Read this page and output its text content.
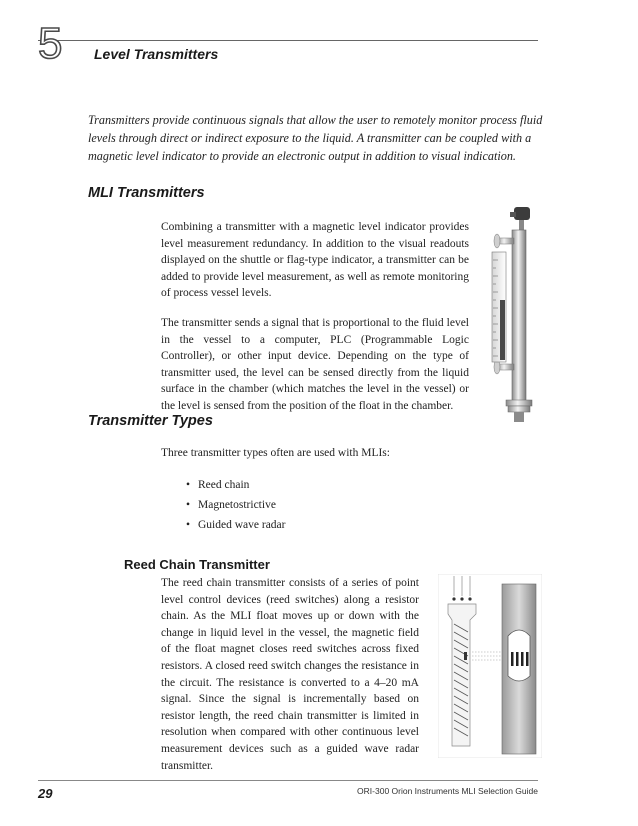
5 Level Transmitters
Transmitters provide continuous signals that allow the user to remotely monitor process fluid levels through direct or indirect exposure to the liquid. A transmitter can be coupled with a magnetic level indicator to provide an electronic output in addition to visual indication.
MLI Transmitters

Combining a transmitter with a magnetic level indicator provides level measurement redundancy. In addition to the visual readouts displayed on the shuttle or flag-type indicator, a transmitter can be added to provide level measurement, as well as remote monitoring of process vessel levels.

The transmitter sends a signal that is proportional to the fluid level in the vessel to a computer, PLC (Programmable Logic Controller), or other input device. Depending on the type of transmitter used, the level can be sensed directly from the liquid surface in the chamber (which matches the level in the vessel) or the level is sensed from the position of the float in the chamber.

Transmitter Types
Three transmitter types often are used with MLIs:
• Reed chain
• Magnetostrictive
• Guided wave radar
Reed Chain Transmitter
The reed chain transmitter consists of a series of point level control devices (reed switches) along a resistor chain. As the MLI float moves up or down with the change in liquid level in the vessel, the magnetic field of the float magnet closes reed switches across fixed resistors. A closed reed switch changes the resistance in the circuit. The resistance is converted to a 4–20 mA signal. Since the signal is incrementally based on resistor length, the reed chain transmitter is limited in resolution when compared with other continuous level measurement devices such as a guided wave radar transmitter.
29	ORI-300 Orion Instruments MLI Selection Guide
